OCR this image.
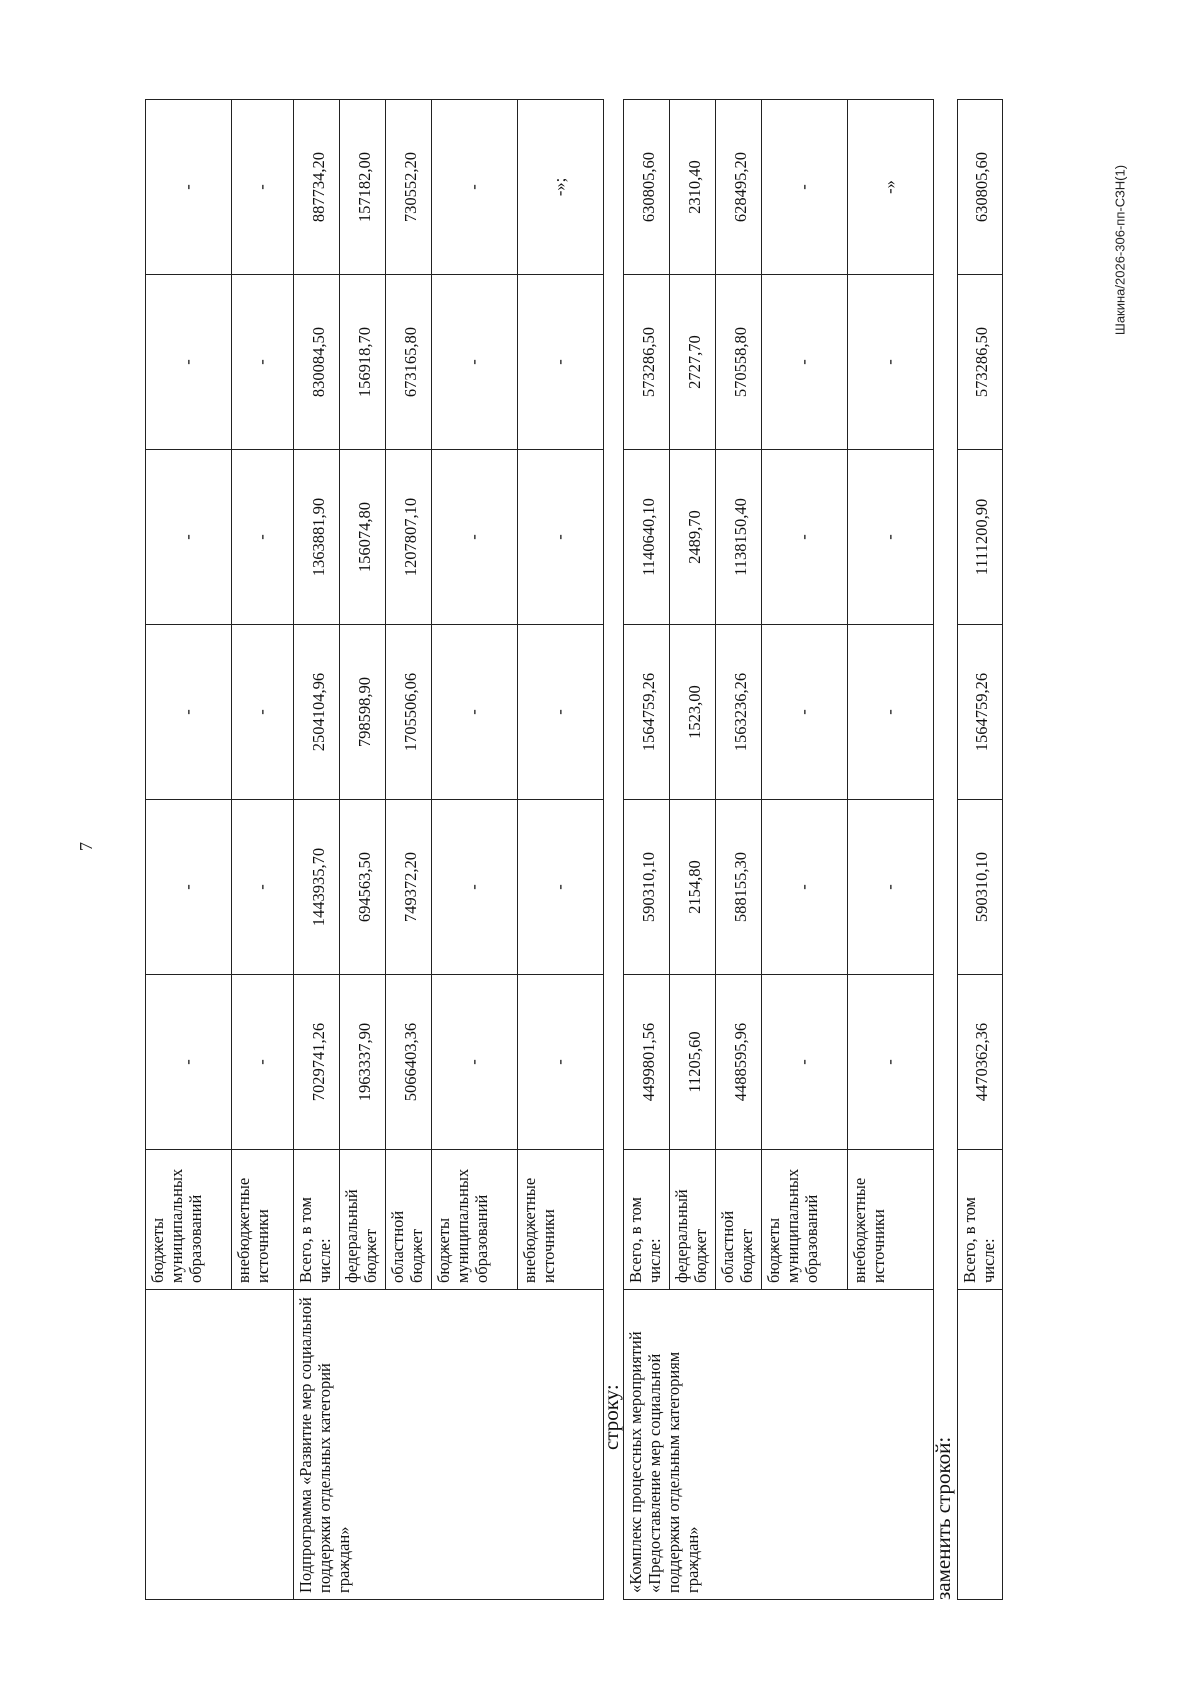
7
Шакина/2026-306-пп-СЗН(1)
	бюджеты муниципальных образований	-	-	-	-	-	-
	внебюджетные источники	-	-	-	-	-	-
Подпрограмма «Развитие мер социальной поддержки отдельных категорий граждан»	Всего, в том числе:	7029741,26	1443935,70	2504104,96	1363881,90	830084,50	887734,20
	федеральный бюджет	1963337,90	694563,50	798598,90	156074,80	156918,70	157182,00
	областной бюджет	5066403,36	749372,20	1705506,06	1207807,10	673165,80	730552,20
	бюджеты муниципальных образований	-	-	-	-	-	-
	внебюджетные источники	-	-	-	-	-	-»;
строку: «Комплекс процессных мероприятий «Предоставление мер социальной поддержки отдельным категориям граждан»	Всего, в том числе:	4499801,56	590310,10	1564759,26	1140640,10	573286,50	630805,60
	федеральный бюджет	11205,60	2154,80	1523,00	2489,70	2727,70	2310,40
	областной бюджет	4488595,96	588155,30	1563236,26	1138150,40	570558,80	628495,20
	бюджеты муниципальных образований	-	-	-	-	-	-
	внебюджетные источники	-	-	-	-	-	-»
заменить строкой:
	Всего, в том числе:	4470362,36	590310,10	1564759,26	1111200,90	573286,50	630805,60
